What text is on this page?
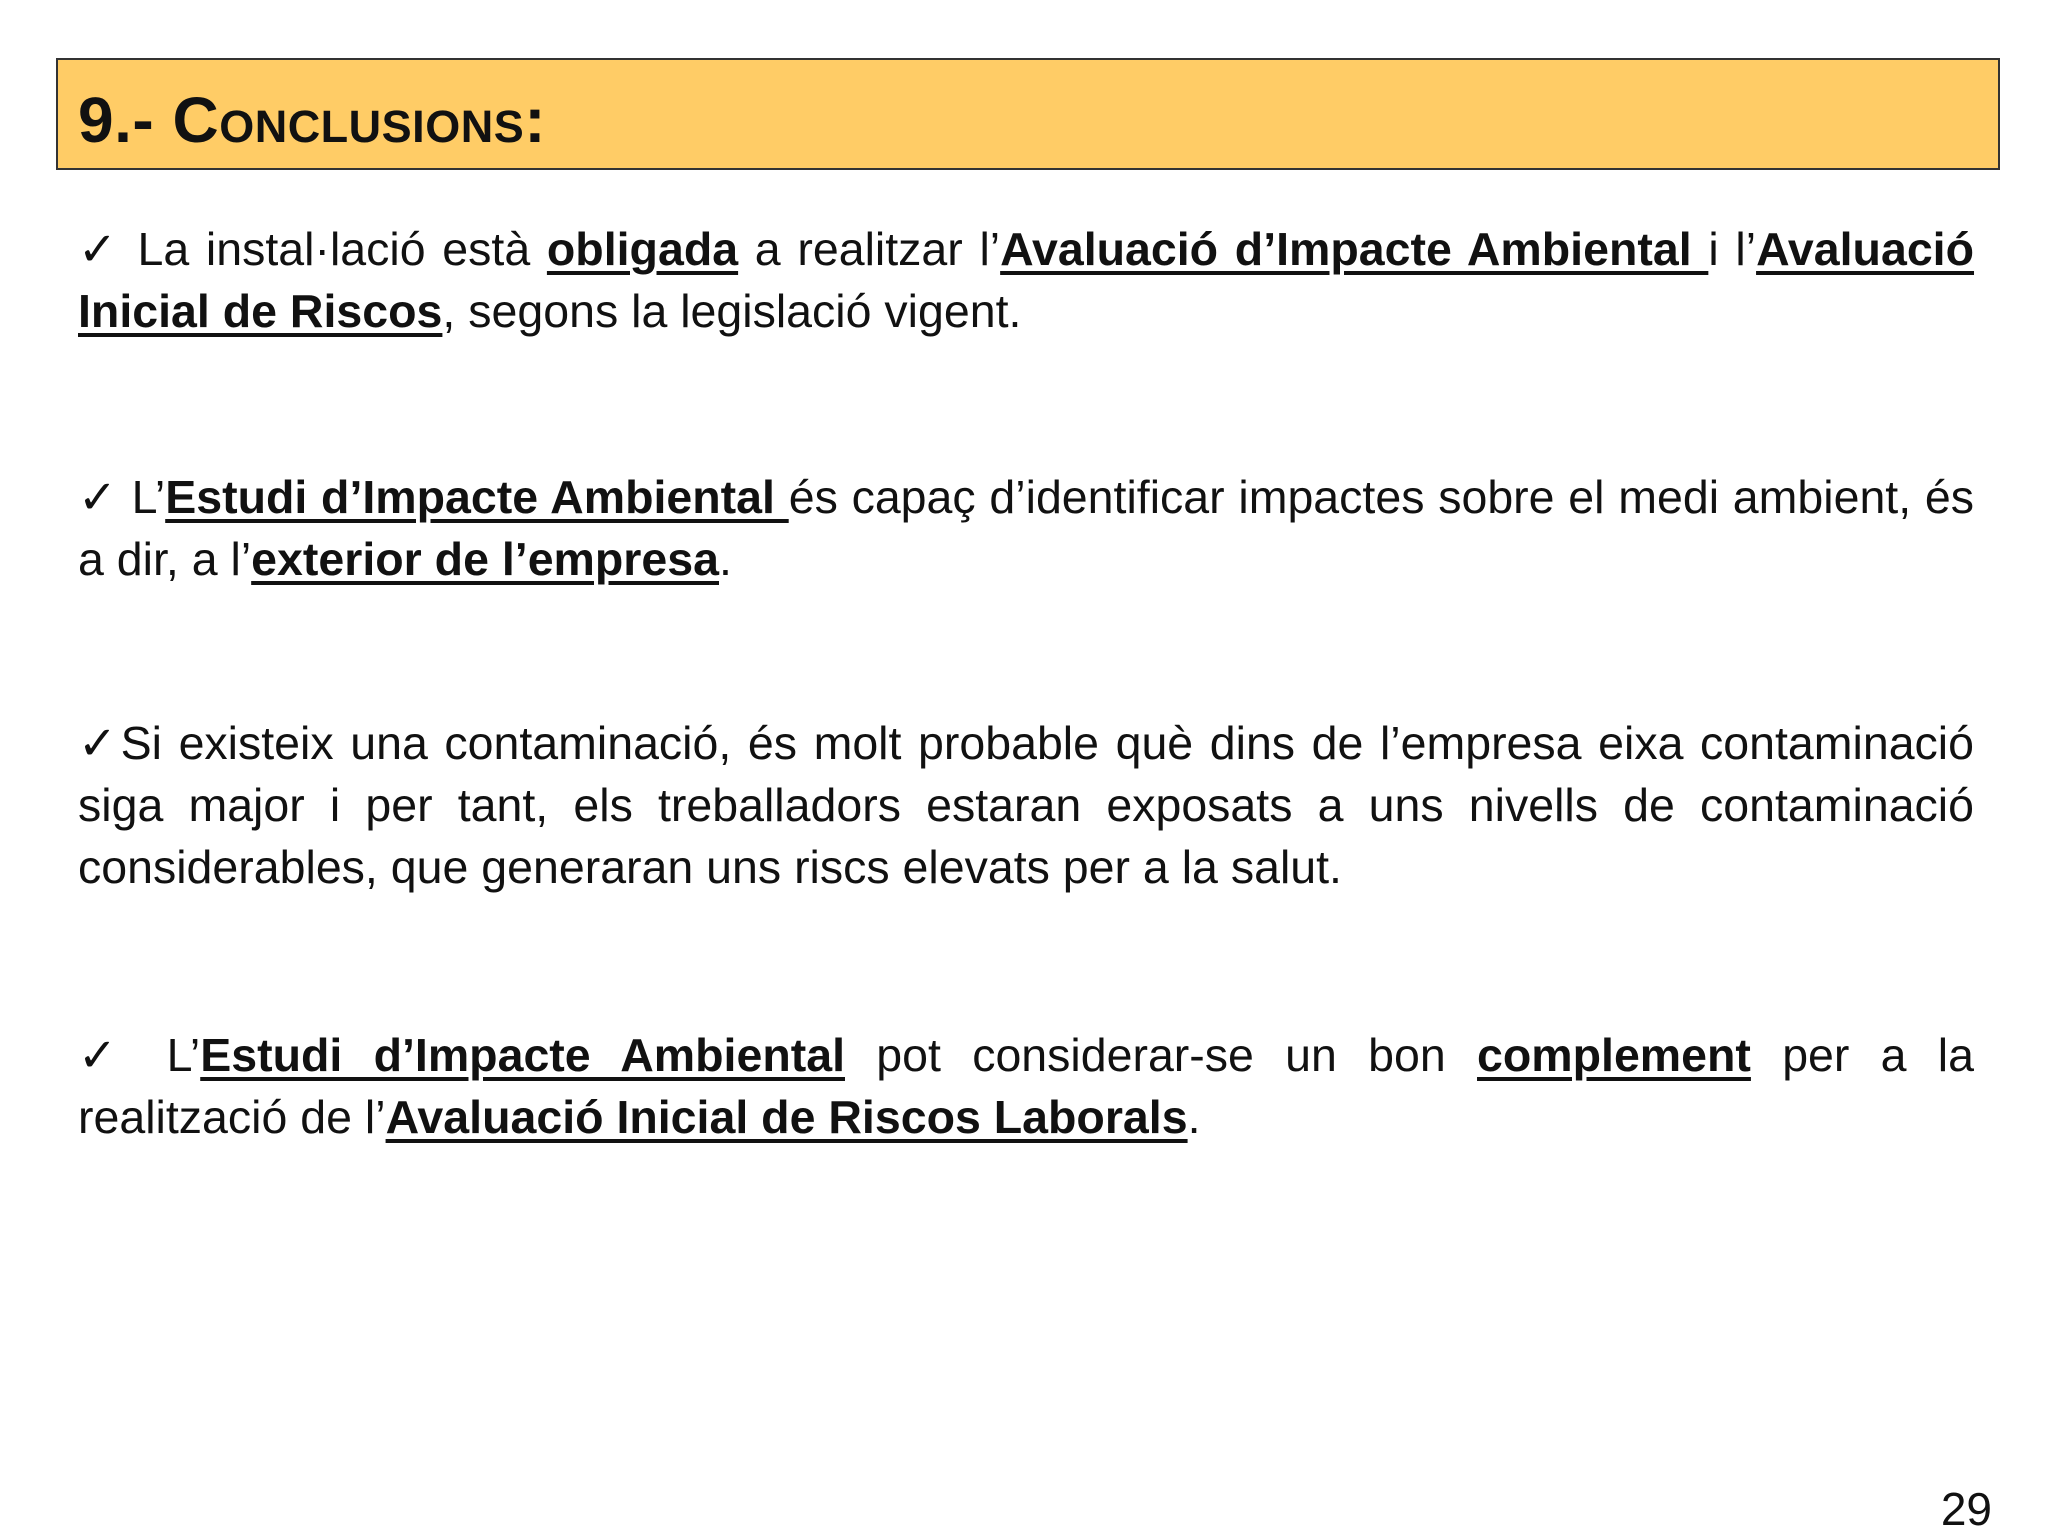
9.- Conclusions:

✓ La instal·lació està obligada a realitzar l’Avaluació d’Impacte Ambiental i l’Avaluació Inicial de Riscos, segons la legislació vigent.

✓ L’Estudi d’Impacte Ambiental és capaç d’identificar impactes sobre el medi ambient, és a dir, a l’exterior de l’empresa.

✓Si existeix una contaminació, és molt probable què dins de l’empresa eixa contaminació siga major i per tant, els treballadors estaran exposats a uns nivells de contaminació considerables, que generaran uns riscs elevats per a la salut.

✓ L’Estudi d’Impacte Ambiental pot considerar-se un bon complement per a la realització de l’Avaluació Inicial de Riscos Laborals.

29
